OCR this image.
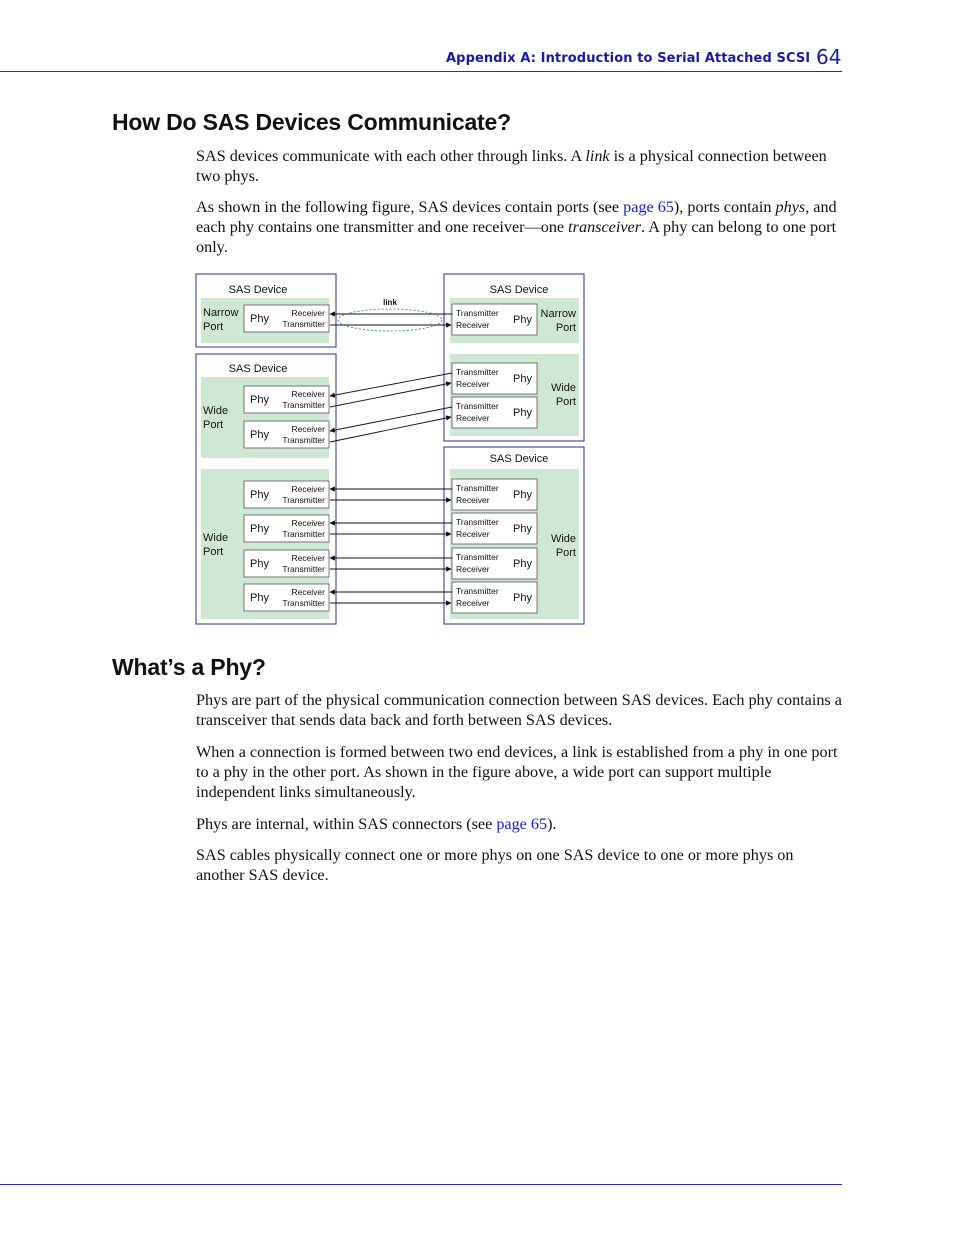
Appendix A: Introduction to Serial Attached SCSI 64
How Do SAS Devices Communicate?

SAS devices communicate with each other through links. A link is a physical connection between two phys.

As shown in the following figure, SAS devices contain ports (see page 65), ports contain phys, and each phy contains one transmitter and one receiver—one transceiver. A phy can belong to one port only.

SAS Device
Narrow
Port
Phy	Receiver
Transmitter
SAS Device
Narrow
Port
Transmitter
Receiver Phy
Wide
Port
Transmitter
Receiver Phy
Transmitter
Receiver Phy
SAS Device
Wide
Port
Phy	Receiver
Transmitter
Phy	Receiver
Transmitter
Wide
Port
Phy	Receiver
Transmitter
Phy	Receiver
Transmitter
Phy	Receiver
Transmitter
Phy	Receiver
Transmitter
SAS Device
Wide
Port
Transmitter
Receiver Phy
Transmitter
Receiver Phy
Transmitter
Receiver Phy
Transmitter
Receiver Phy
link
What’s a Phy?

Phys are part of the physical communication connection between SAS devices. Each phy contains a transceiver that sends data back and forth between SAS devices.

When a connection is formed between two end devices, a link is established from a phy in one port to a phy in the other port. As shown in the figure above, a wide port can support multiple independent links simultaneously.

Phys are internal, within SAS connectors (see page 65).

SAS cables physically connect one or more phys on one SAS device to one or more phys on another SAS device.
